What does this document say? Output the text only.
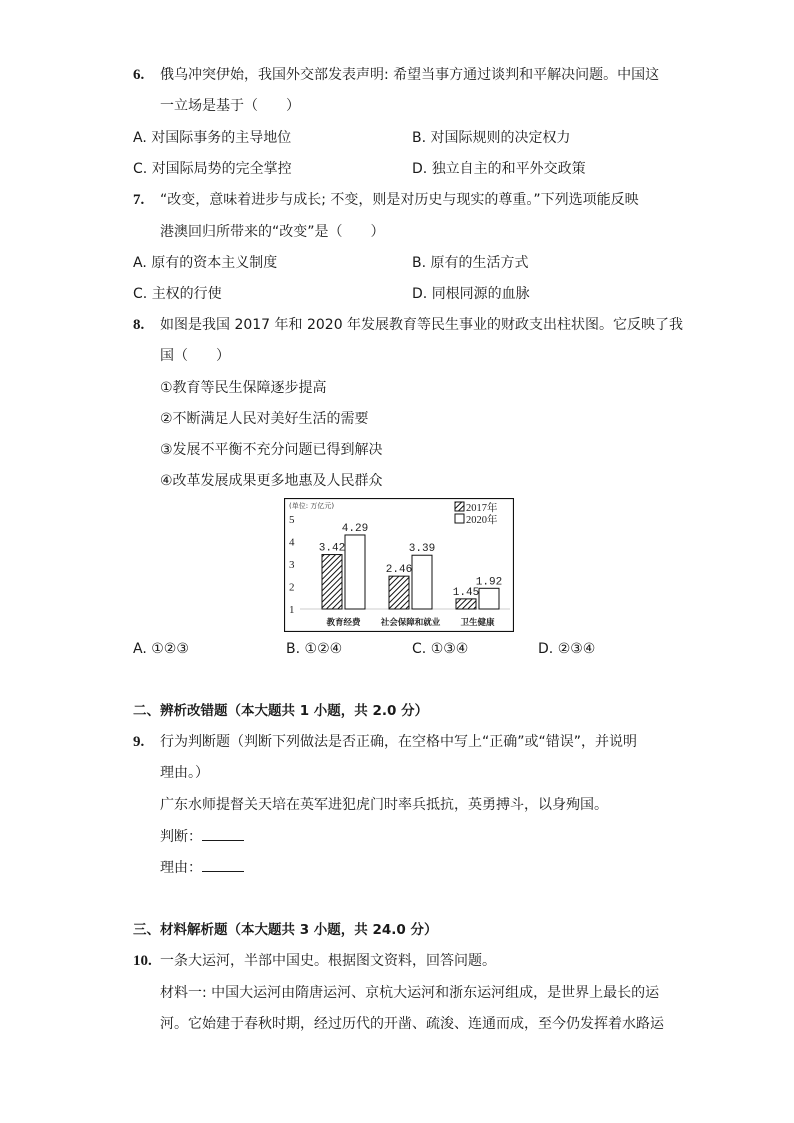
6. 俄乌冲突伊始，我国外交部发表声明: 希望当事方通过谈判和平解决问题。中国这
一立场是基于（　　）
A. 对国际事务的主导地位	B. 对国际规则的决定权力
C. 对国际局势的完全掌控	D. 独立自主的和平外交政策
7. “改变，意味着进步与成长; 不变，则是对历史与现实的尊重。”下列选项能反映
港澳回归所带来的“改变”是（　　）
A. 原有的资本主义制度	B. 原有的生活方式
C. 主权的行使	D. 同根同源的血脉
8. 如图是我国 2017 年和 2020 年发展教育等民生事业的财政支出柱状图。它反映了我
国（　　）
①教育等民生保障逐步提高
②不断满足人民对美好生活的需要
③发展不平衡不充分问题已得到解决
④改革发展成果更多地惠及人民群众
(单位: 万亿元)
1
2
3
4
5
3.42
2.46
1.45
4.29
3.39
1.92
教育经费 社会保障和就业 卫生健康
2017年
2020年
A. ①②③	B. ①②④	C. ①③④	D. ②③④
二、辨析改错题（本大题共 1 小题，共 2.0 分）
9. 行为判断题（判断下列做法是否正确，在空格中写上“正确”或“错误”，并说明
理由。）
广东水师提督关天培在英军进犯虎门时率兵抵抗，英勇搏斗，以身殉国。
判断：
理由：
三、材料解析题（本大题共 3 小题，共 24.0 分）
10. 一条大运河，半部中国史。根据图文资料，回答问题。
材料一: 中国大运河由隋唐运河、京杭大运河和浙东运河组成，是世界上最长的运
河。它始建于春秋时期，经过历代的开凿、疏浚、连通而成，至今仍发挥着水路运
